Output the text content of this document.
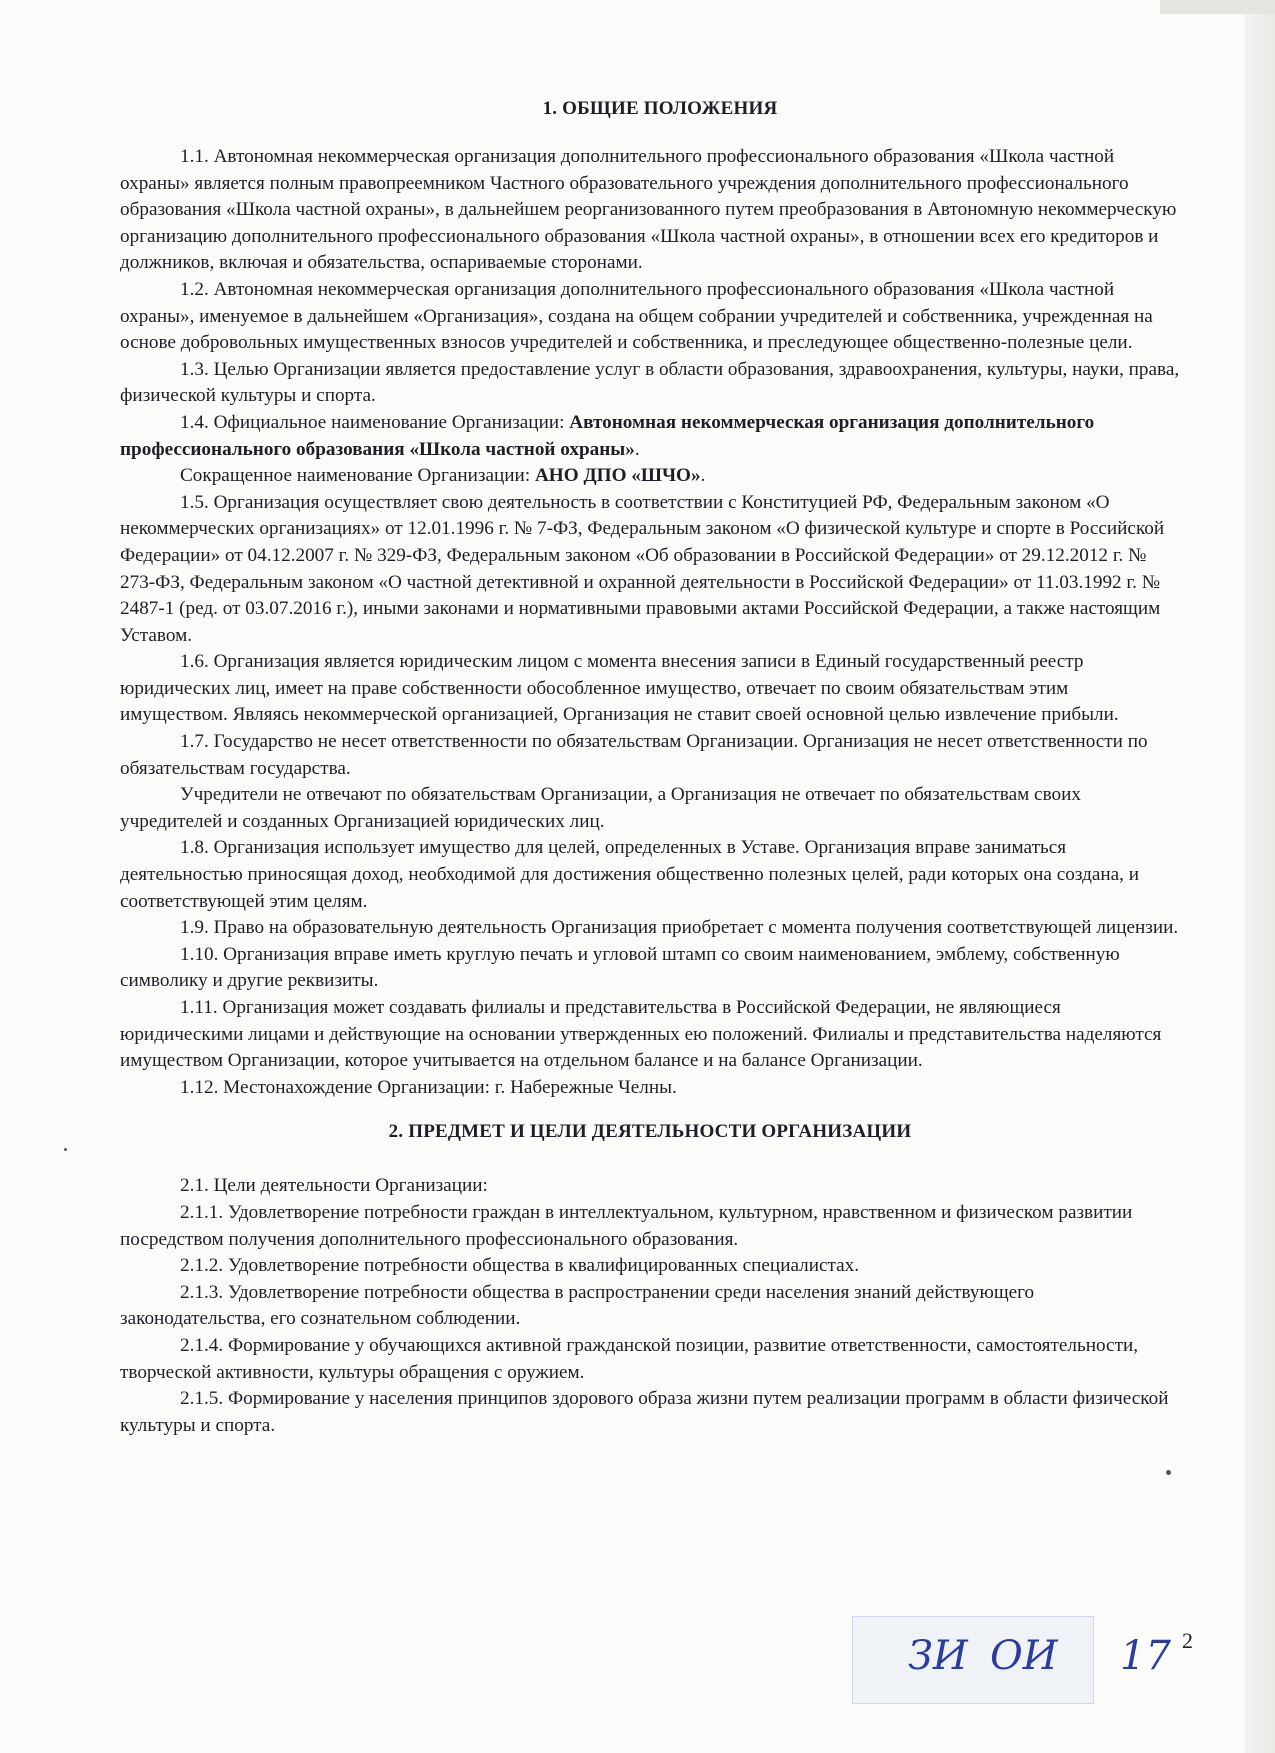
1. ОБЩИЕ ПОЛОЖЕНИЯ

1.1. Автономная некоммерческая организация дополнительного профессионального образования «Школа частной охраны» является полным правопреемником Частного образовательного учреждения дополнительного профессионального образования «Школа частной охраны», в дальнейшем реорганизованного путем преобразования в Автономную некоммерческую организацию дополнительного профессионального образования «Школа частной охраны», в отношении всех его кредиторов и должников, включая и обязательства, оспариваемые сторонами.

1.2. Автономная некоммерческая организация дополнительного профессионального образования «Школа частной охраны», именуемое в дальнейшем «Организация», создана на общем собрании учредителей и собственника, учрежденная на основе добровольных имущественных взносов учредителей и собственника, и преследующее общественно-полезные цели.

1.3. Целью Организации является предоставление услуг в области образования, здравоохранения, культуры, науки, права, физической культуры и спорта.

1.4. Официальное наименование Организации: Автономная некоммерческая организация дополнительного профессионального образования «Школа частной охраны».

Сокращенное наименование Организации: АНО ДПО «ШЧО».

1.5. Организация осуществляет свою деятельность в соответствии с Конституцией РФ, Федеральным законом «О некоммерческих организациях» от 12.01.1996 г. № 7-ФЗ, Федеральным законом «О физической культуре и спорте в Российской Федерации» от 04.12.2007 г. № 329-ФЗ, Федеральным законом «Об образовании в Российской Федерации» от 29.12.2012 г. № 273-ФЗ, Федеральным законом «О частной детективной и охранной деятельности в Российской Федерации» от 11.03.1992 г. № 2487-1 (ред. от 03.07.2016 г.), иными законами и нормативными правовыми актами Российской Федерации, а также настоящим Уставом.

1.6. Организация является юридическим лицом с момента внесения записи в Единый государственный реестр юридических лиц, имеет на праве собственности обособленное имущество, отвечает по своим обязательствам этим имуществом. Являясь некоммерческой организацией, Организация не ставит своей основной целью извлечение прибыли.

1.7. Государство не несет ответственности по обязательствам Организации. Организация не несет ответственности по обязательствам государства.

Учредители не отвечают по обязательствам Организации, а Организация не отвечает по обязательствам своих учредителей и созданных Организацией юридических лиц.

1.8. Организация использует имущество для целей, определенных в Уставе. Организация вправе заниматься деятельностью приносящая доход, необходимой для достижения общественно полезных целей, ради которых она создана, и соответствующей этим целям.

1.9. Право на образовательную деятельность Организация приобретает с момента получения соответствующей лицензии.

1.10. Организация вправе иметь круглую печать и угловой штамп со своим наименованием, эмблему, собственную символику и другие реквизиты.

1.11. Организация может создавать филиалы и представительства в Российской Федерации, не являющиеся юридическими лицами и действующие на основании утвержденных ею положений. Филиалы и представительства наделяются имуществом Организации, которое учитывается на отдельном балансе и на балансе Организации.

1.12. Местонахождение Организации: г. Набережные Челны.

2. ПРЕДМЕТ И ЦЕЛИ ДЕЯТЕЛЬНОСТИ ОРГАНИЗАЦИИ

2.1. Цели деятельности Организации:

2.1.1. Удовлетворение потребности граждан в интеллектуальном, культурном, нравственном и физическом развитии посредством получения дополнительного профессионального образования.

2.1.2. Удовлетворение потребности общества в квалифицированных специалистах.

2.1.3. Удовлетворение потребности общества в распространении среди населения знаний действующего законодательства, его сознательном соблюдении.

2.1.4. Формирование у обучающихся активной гражданской позиции, развитие ответственности, самостоятельности, творческой активности, культуры обращения с оружием.

2.1.5. Формирование у населения принципов здорового образа жизни путем реализации программ в области физической культуры и спорта.

ЗИ ОИ 17 2
